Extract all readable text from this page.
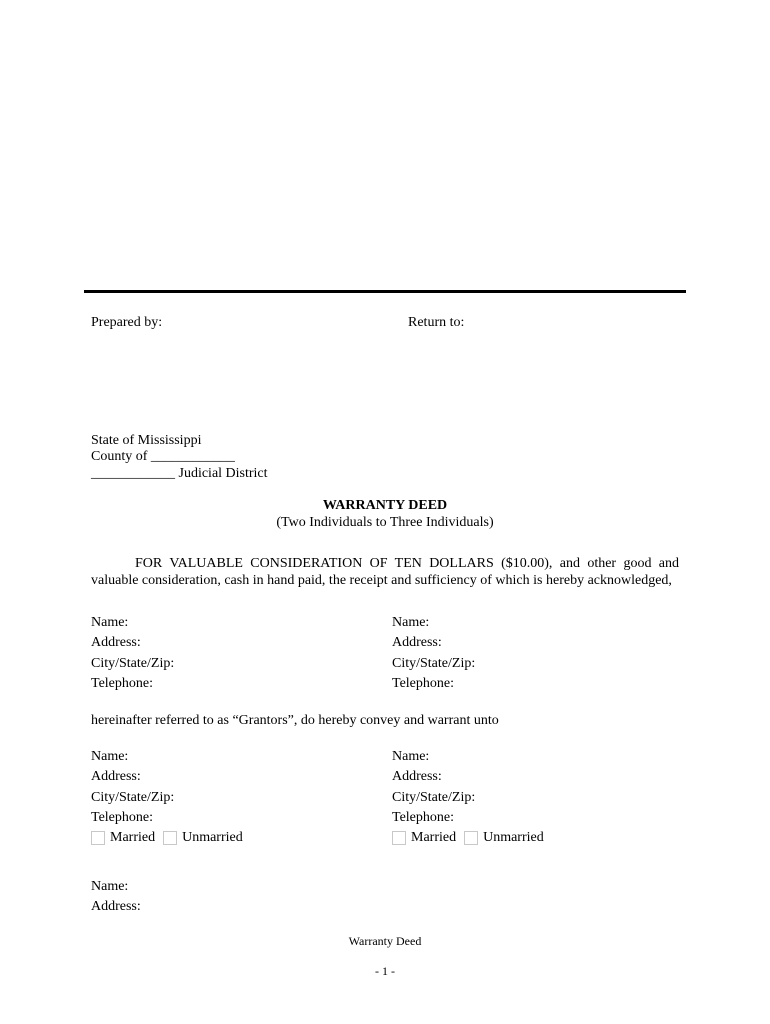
Prepared by:	Return to:
State of Mississippi
County of ____________
____________ Judicial District
WARRANTY DEED
(Two Individuals to Three Individuals)
FOR VALUABLE CONSIDERATION OF TEN DOLLARS ($10.00), and other good and valuable consideration, cash in hand paid, the receipt and sufficiency of which is hereby acknowledged,
Name:
Address:
City/State/Zip:
Telephone:
Name:
Address:
City/State/Zip:
Telephone:
hereinafter referred to as “Grantors”, do hereby convey and warrant unto
Name:
Address:
City/State/Zip:
Telephone:
Married Unmarried
Name:
Address:
City/State/Zip:
Telephone:
Married Unmarried
Name:
Address:
Warranty Deed
- 1 -
